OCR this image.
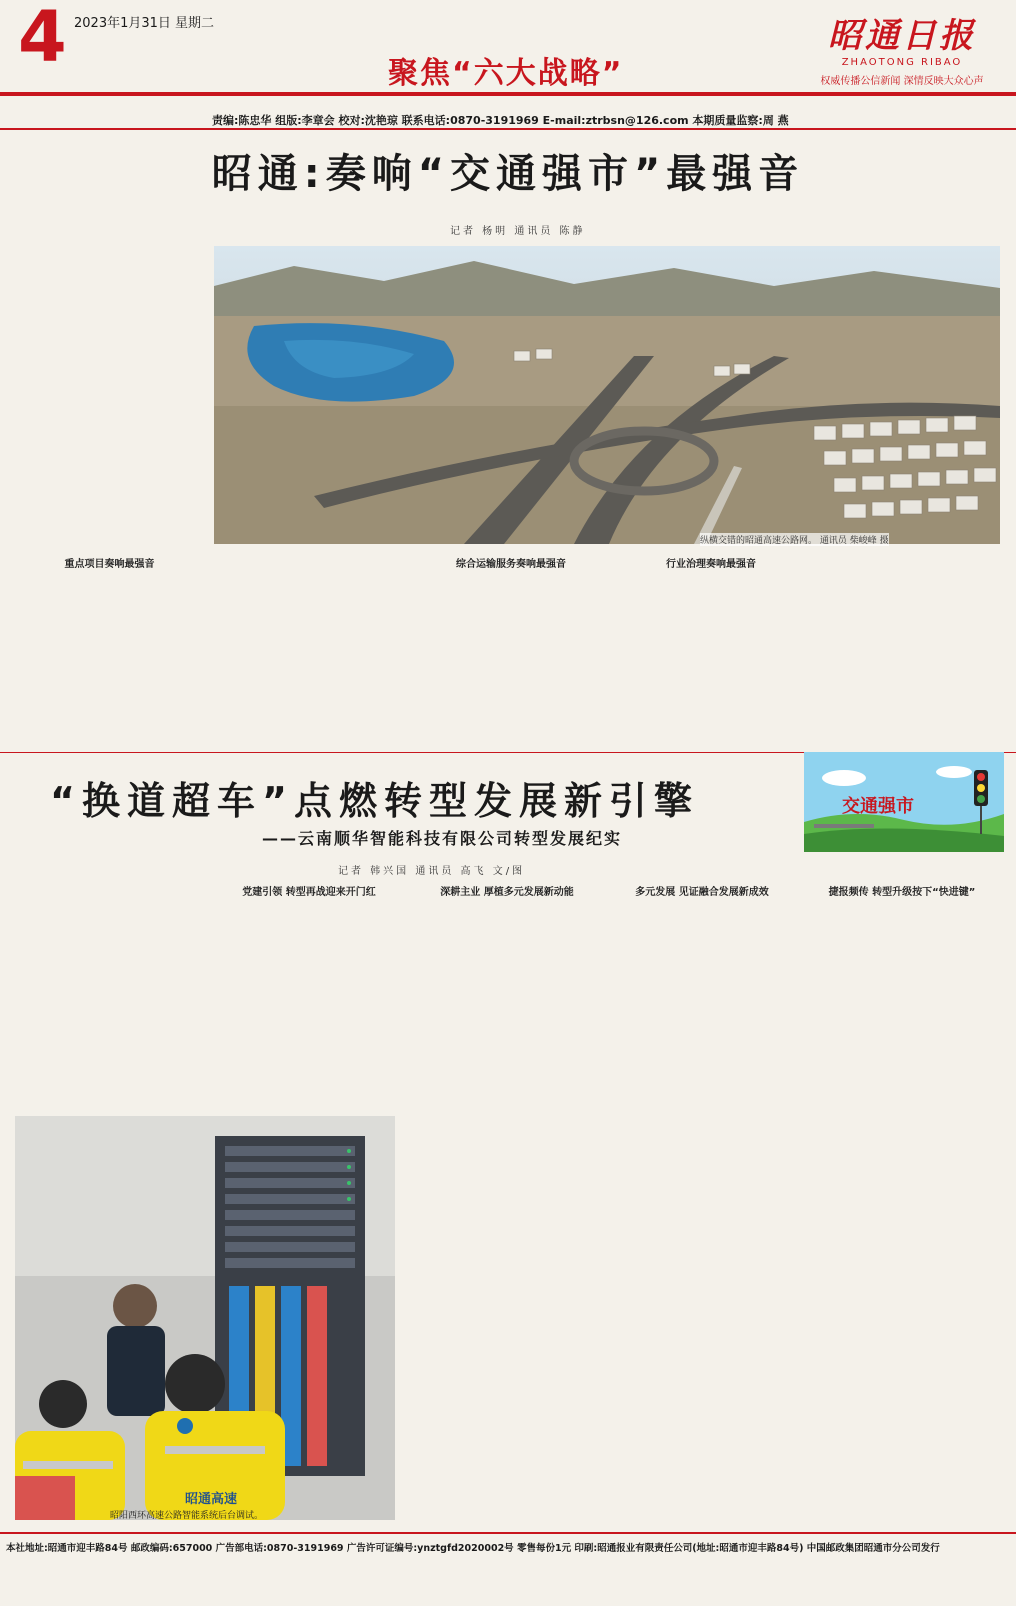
4 2023年1月31日 星期二
聚焦“六大战略”
昭通日报
ZHAOTONG RIBAO
权威传播公信新闻 深情反映大众心声
责编:陈忠华 组版:李章会 校对:沈艳琼 联系电话:0870-3191969 E-mail:ztrbsn@126.com 本期质量监察:周 燕
昭通:奏响“交通强市”最强音
记者 杨明 通讯员 陈静
纵横交错的昭通高速公路网。 通讯员 柴峻峰 摄
重点项目奏响最强音	综合运输服务奏响最强音	行业治理奏响最强音
“换道超车”点燃转型发展新引擎
——云南顺华智能科技有限公司转型发展纪实
记者 韩兴国 通讯员 高飞 文/图
交通强市
党建引领 转型再战迎来开门红	深耕主业 厚植多元发展新动能	多元发展 见证融合发展新成效	捷报频传 转型升级按下“快进键”
昭通高速
昭阳西环高速公路智能系统后台调试。
本社地址:昭通市迎丰路84号 邮政编码:657000 广告部电话:0870-3191969 广告许可证编号:ynztgfd2020002号 零售每份1元 印刷:昭通报业有限责任公司(地址:昭通市迎丰路84号) 中国邮政集团昭通市分公司发行
